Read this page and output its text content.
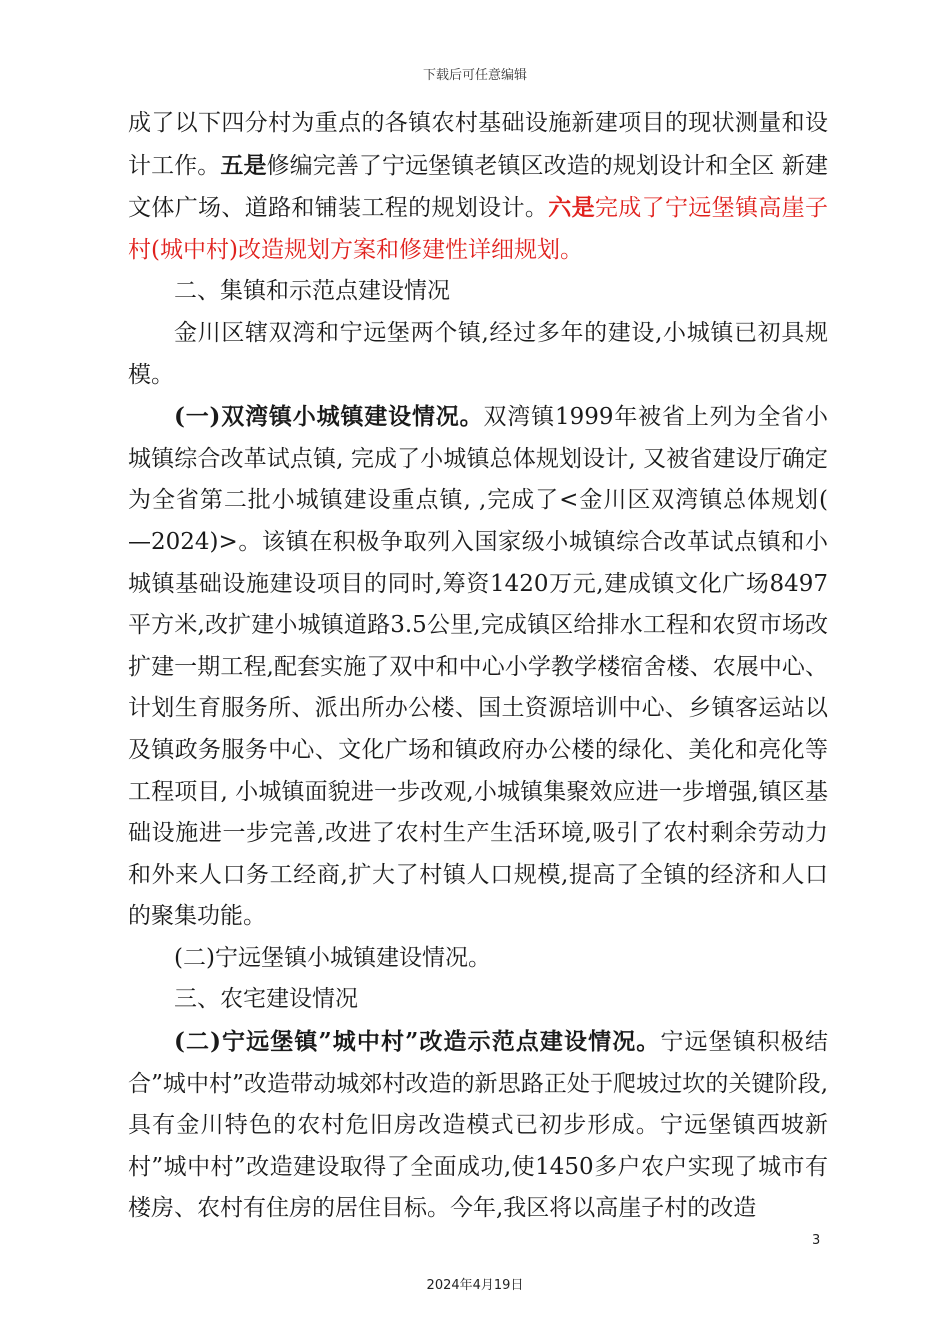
下载后可任意编辑

成了以下四分村为重点的各镇农村基础设施新建项目的现状测量和设计工作。五是修编完善了宁远堡镇老镇区改造的规划设计和全区 新建文体广场、道路和铺装工程的规划设计。六是完成了宁远堡镇高崖子村(城中村)改造规划方案和修建性详细规划。

二、集镇和示范点建设情况

金川区辖双湾和宁远堡两个镇,经过多年的建设,小城镇已初具规模。

(一)双湾镇小城镇建设情况。双湾镇1999年被省上列为全省小城镇综合改革试点镇, 完成了小城镇总体规划设计, 又被省建设厅确定为全省第二批小城镇建设重点镇, ,完成了<金川区双湾镇总体规划( —2024)>。该镇在积极争取列入国家级小城镇综合改革试点镇和小城镇基础设施建设项目的同时,筹资1420万元,建成镇文化广场8497平方米,改扩建小城镇道路3.5公里,完成镇区给排水工程和农贸市场改扩建一期工程,配套实施了双中和中心小学教学楼宿舍楼、农展中心、计划生育服务所、派出所办公楼、国土资源培训中心、乡镇客运站以及镇政务服务中心、文化广场和镇政府办公楼的绿化、美化和亮化等工程项目, 小城镇面貌进一步改观,小城镇集聚效应进一步增强,镇区基础设施进一步完善,改进了农村生产生活环境,吸引了农村剩余劳动力和外来人口务工经商,扩大了村镇人口规模,提高了全镇的经济和人口的聚集功能。

(二)宁远堡镇小城镇建设情况。

三、农宅建设情况

(二)宁远堡镇”城中村”改造示范点建设情况。宁远堡镇积极结合”城中村”改造带动城郊村改造的新思路正处于爬坡过坎的关键阶段,具有金川特色的农村危旧房改造模式已初步形成。宁远堡镇西坡新村”城中村”改造建设取得了全面成功,使1450多户农户实现了城市有楼房、农村有住房的居住目标。今年,我区将以高崖子村的改造

3
2024年4月19日
